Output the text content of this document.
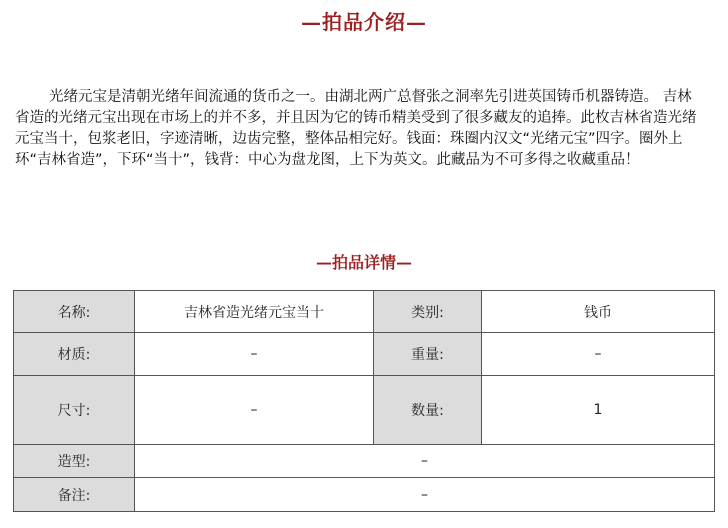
—拍品介绍—

光绪元宝是清朝光绪年间流通的货币之一。由湖北两广总督张之洞率先引进英国铸币机器铸造。 吉林省造的光绪元宝出现在市场上的并不多，并且因为它的铸币精美受到了很多藏友的追捧。此枚吉林省造光绪元宝当十，包浆老旧，字迹清晰，边齿完整，整体品相完好。钱面：珠圈内汉文“光绪元宝”四字。圈外上环“吉林省造”，下环“当十”，钱背：中心为盘龙图，上下为英文。此藏品为不可多得之收藏重品！

—拍品详情—
名称:	吉林省造光绪元宝当十	类别:	钱币
材质:	–	重量:	–
尺寸:	–	数量:	1
造型:	–		
备注:	–		
